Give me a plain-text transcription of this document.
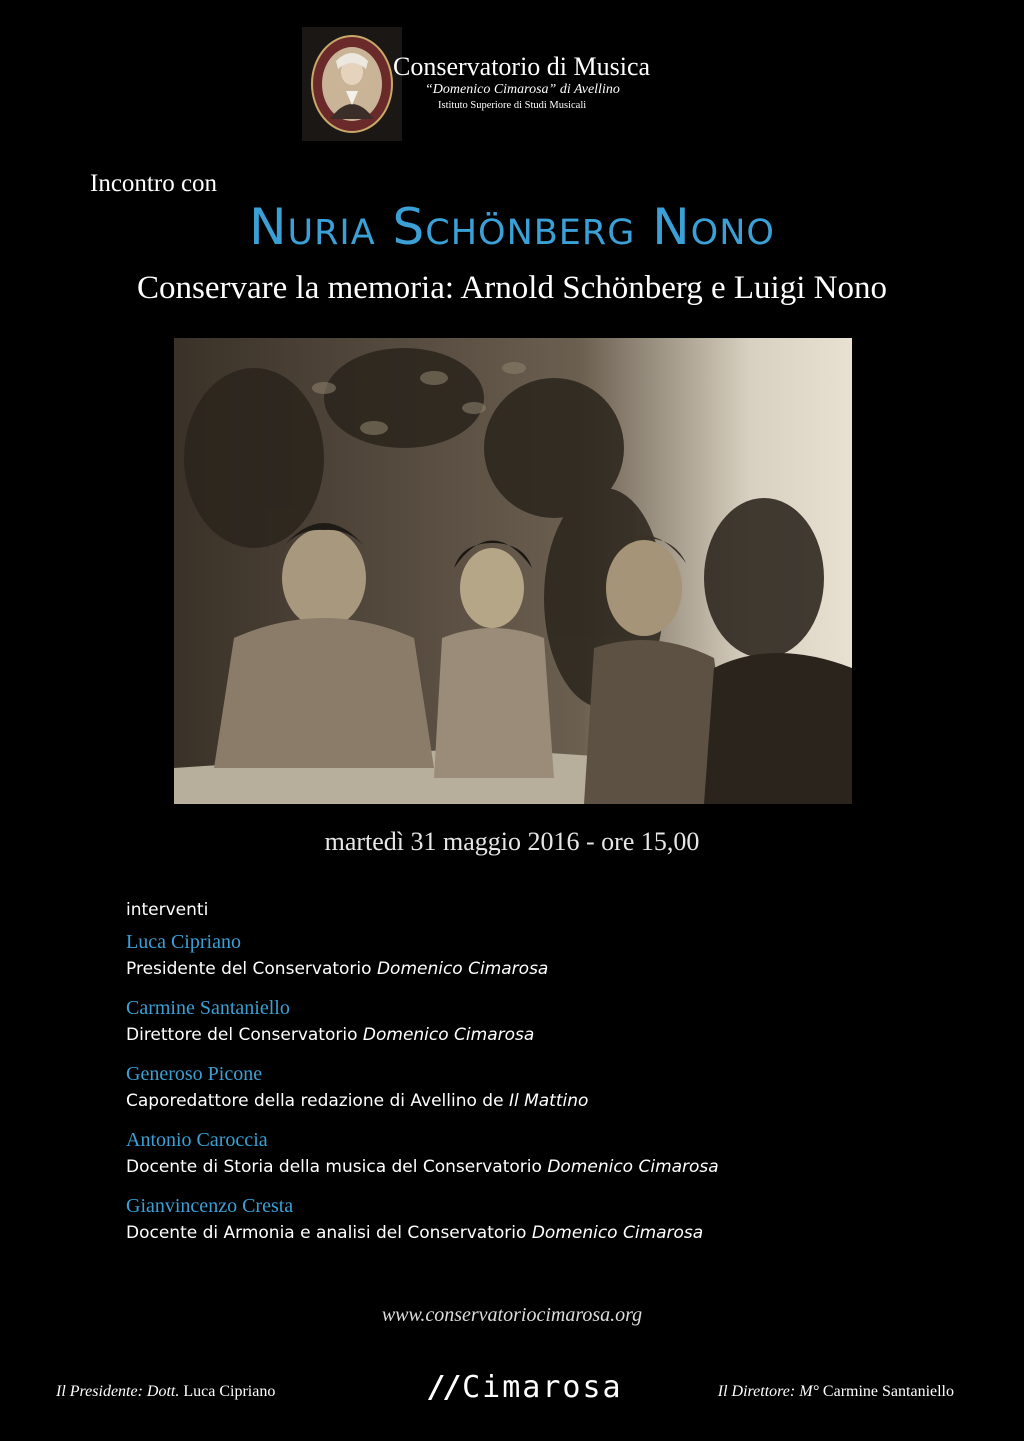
Conservatorio di Musica
“Domenico Cimarosa” di Avellino
Istituto Superiore di Studi Musicali
Incontro con
Nuria Schönberg Nono
Conservare la memoria: Arnold Schönberg e Luigi Nono
martedì 31 maggio 2016 - ore 15,00
interventi
Luca Cipriano
Presidente del Conservatorio Domenico Cimarosa
Carmine Santaniello
Direttore del Conservatorio Domenico Cimarosa
Generoso Picone
Caporedattore della redazione di Avellino de Il Mattino
Antonio Caroccia
Docente di Storia della musica del Conservatorio Domenico Cimarosa
Gianvincenzo Cresta
Docente di Armonia e analisi del Conservatorio Domenico Cimarosa
www.conservatoriocimarosa.org
Il Presidente: Dott. Luca Cipriano	//Cimarosa	Il Direttore: M° Carmine Santaniello
